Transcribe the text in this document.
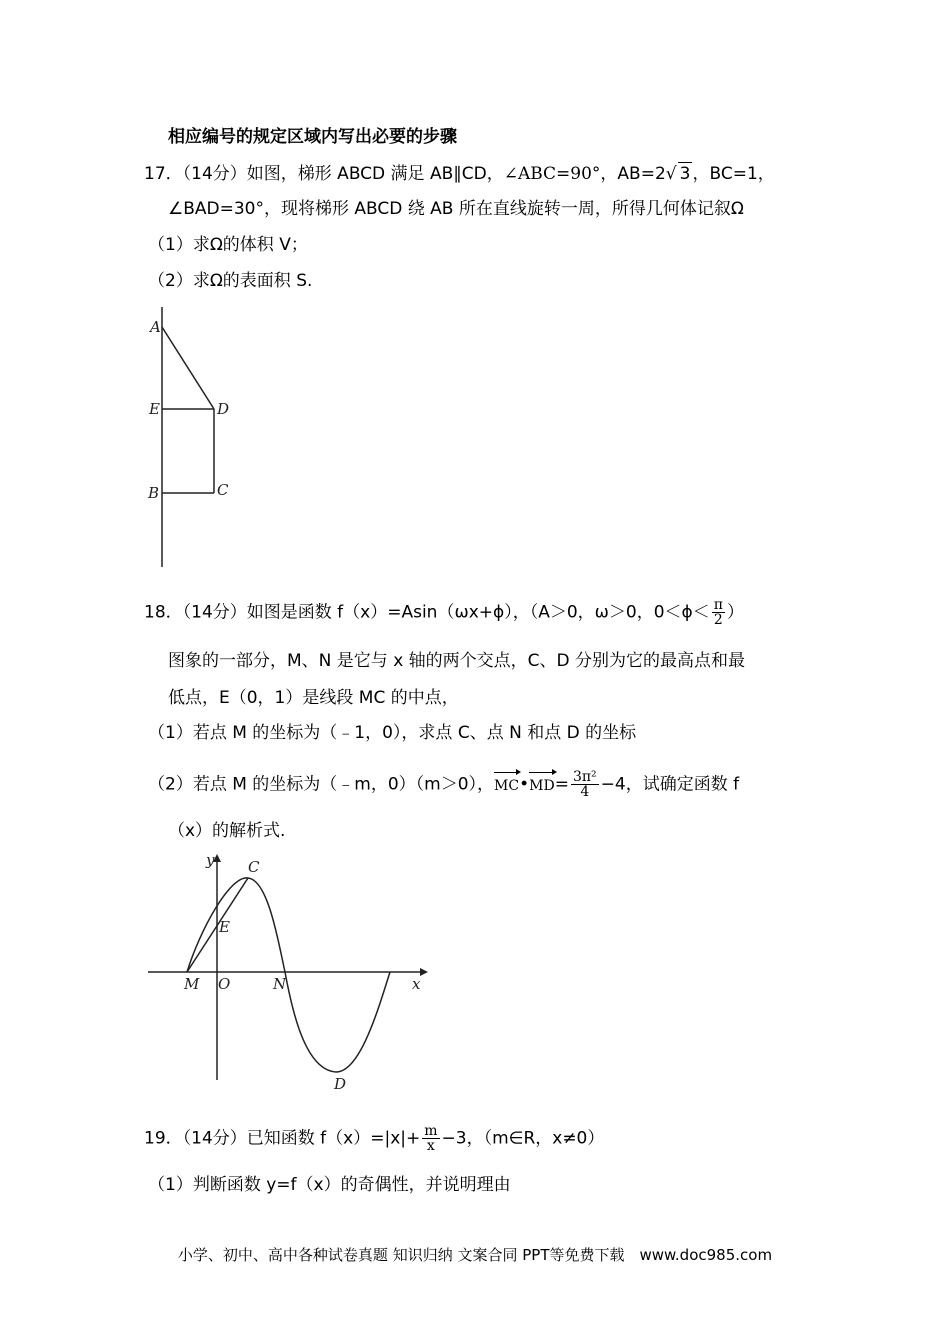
相应编号的规定区域内写出必要的步骤
17．（14分）如图，梯形 ABCD 满足 AB∥CD，∠ABC=90°，AB=2√ 3 ，BC=1，
∠BAD=30°，现将梯形 ABCD 绕 AB 所在直线旋转一周，所得几何体记叙Ω
（1）求Ω的体积 V；
（2）求Ω的表面积 S.
A
E	D
B	C
18．（14分）如图是函数 f（x）=Asin（ωx+ϕ），（A＞0，ω＞0，$0<\phi< \frac{\pi}{2}$ ）
图象的一部分，M、N 是它与 x 轴的两个交点，C、D 分别为它的最高点和最
低点，E（0，1）是线段 MC 的中点，
（1）若点 M 的坐标为（﹣1，0），求点 C、点 N 和点 D 的坐标
（2）若点 M 的坐标为（﹣m，0）（m＞0），MC•MD= $\frac{\text{3π²}}{4} -4$，试确定函数 f
（x）的解析式.
y C
E
M O	N	x
D
19．（14分）已知函数 $f(x)=|x|+ \frac{m}{x} -3$，（m∈R，x≠0）
（1）判断函数 y=f（x）的奇偶性，并说明理由
小学、初中、高中各种试卷真题 知识归纳 文案合同 PPT等免费下载　www.doc985.com
